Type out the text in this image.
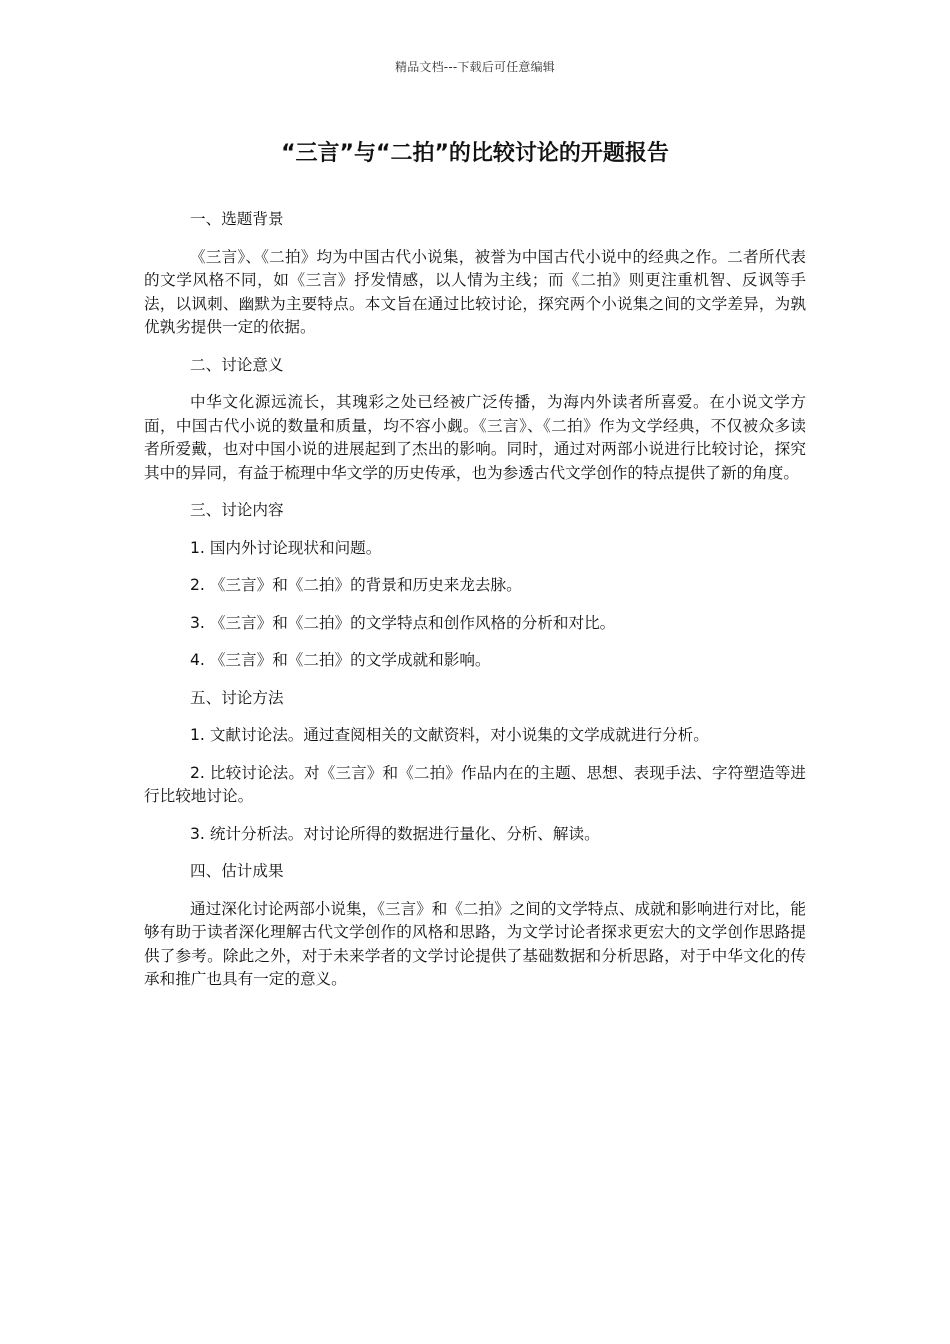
精品文档---下载后可任意编辑
“三言”与“二拍”的比较讨论的开题报告

一、选题背景

《三言》、《二拍》均为中国古代小说集，被誉为中国古代小说中的经典之作。二者所代表的文学风格不同，如《三言》抒发情感，以人情为主线；而《二拍》则更注重机智、反讽等手法，以讽刺、幽默为主要特点。本文旨在通过比较讨论，探究两个小说集之间的文学差异，为孰优孰劣提供一定的依据。

二、讨论意义

中华文化源远流长，其瑰彩之处已经被广泛传播，为海内外读者所喜爱。在小说文学方面，中国古代小说的数量和质量，均不容小觑。《三言》、《二拍》作为文学经典，不仅被众多读者所爱戴，也对中国小说的进展起到了杰出的影响。同时，通过对两部小说进行比较讨论，探究其中的异同，有益于梳理中华文学的历史传承，也为参透古代文学创作的特点提供了新的角度。

三、讨论内容

1. 国内外讨论现状和问题。

2. 《三言》和《二拍》的背景和历史来龙去脉。

3. 《三言》和《二拍》的文学特点和创作风格的分析和对比。

4. 《三言》和《二拍》的文学成就和影响。

五、讨论方法

1. 文献讨论法。通过查阅相关的文献资料，对小说集的文学成就进行分析。

2. 比较讨论法。对《三言》和《二拍》作品内在的主题、思想、表现手法、字符塑造等进行比较地讨论。

3. 统计分析法。对讨论所得的数据进行量化、分析、解读。

四、估计成果

通过深化讨论两部小说集，《三言》和《二拍》之间的文学特点、成就和影响进行对比，能够有助于读者深化理解古代文学创作的风格和思路，为文学讨论者探求更宏大的文学创作思路提供了参考。除此之外，对于未来学者的文学讨论提供了基础数据和分析思路，对于中华文化的传承和推广也具有一定的意义。
